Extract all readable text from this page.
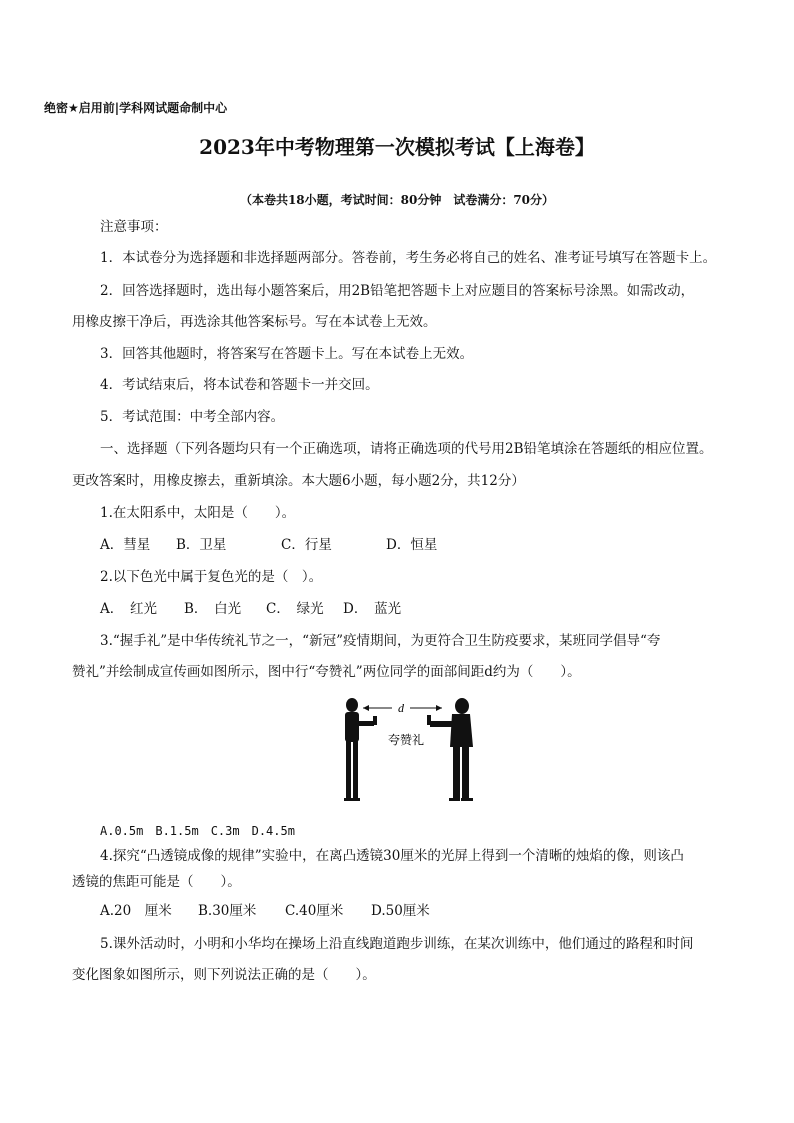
绝密★启用前|学科网试题命制中心
2023年中考物理第一次模拟考试【上海卷】
（本卷共18小题，考试时间：80分钟　试卷满分：70分）
注意事项：
1．本试卷分为选择题和非选择题两部分。答卷前，考生务必将自己的姓名、准考证号填写在答题卡上。
2．回答选择题时，选出每小题答案后，用2B铅笔把答题卡上对应题目的答案标号涂黑。如需改动，
用橡皮擦干净后，再选涂其他答案标号。写在本试卷上无效。
3．回答其他题时，将答案写在答题卡上。写在本试卷上无效。
4．考试结束后，将本试卷和答题卡一并交回。
5．考试范围：中考全部内容。
一、选择题（下列各题均只有一个正确选项，请将正确选项的代号用2B铅笔填涂在答题纸的相应位置。
更改答案时，用橡皮擦去，重新填涂。本大题6小题，每小题2分，共12分）
1.在太阳系中，太阳是（　　）。
A．彗星 B．卫星	C．行星	D．恒星
2.以下色光中属于复色光的是（　）。
A．　红光 B．　白光 C．　绿光 D．　蓝光
3.“握手礼”是中华传统礼节之一，“新冠”疫情期间，为更符合卫生防疫要求，某班同学倡导“夸
赞礼”并绘制成宣传画如图所示，图中行“夸赞礼”两位同学的面部间距d约为（　　）。
d
夸赞礼
A.0.5m　B.1.5m　C.3m　D.4.5m
4.探究“凸透镜成像的规律”实验中，在离凸透镜30厘米的光屏上得到一个清晰的烛焰的像，则该凸
透镜的焦距可能是（　　）。
A.20　厘米 B.30厘米 C.40厘米 D.50厘米
5.课外活动时，小明和小华均在操场上沿直线跑道跑步训练，在某次训练中，他们通过的路程和时间
变化图象如图所示，则下列说法正确的是（　　）。
